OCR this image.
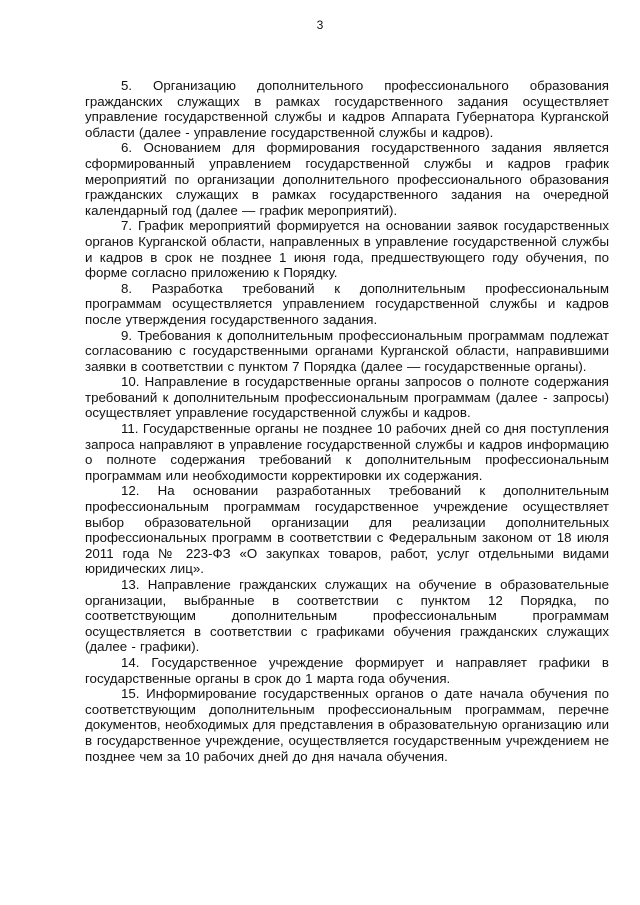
3

5. Организацию дополнительного профессионального образования гражданских служащих в рамках государственного задания осуществляет управление государственной службы и кадров Аппарата Губернатора Курганской области (далее - управление государственной службы и кадров).

6. Основанием для формирования государственного задания является сформированный управлением государственной службы и кадров график мероприятий по организации дополнительного профессионального образования гражданских служащих в рамках государственного задания на очередной календарный год (далее — график мероприятий).

7. График мероприятий формируется на основании заявок государственных органов Курганской области, направленных в управление государственной службы и кадров в срок не позднее 1 июня года, предшествующего году обучения, по форме согласно приложению к Порядку.

8. Разработка требований к дополнительным профессиональным программам осуществляется управлением государственной службы и кадров после утверждения государственного задания.

9. Требования к дополнительным профессиональным программам подлежат согласованию с государственными органами Курганской области, направившими заявки в соответствии с пунктом 7 Порядка (далее — государственные органы).

10. Направление в государственные органы запросов о полноте содержания требований к дополнительным профессиональным программам (далее - запросы) осуществляет управление государственной службы и кадров.

11. Государственные органы не позднее 10 рабочих дней со дня поступления запроса направляют в управление государственной службы и кадров информацию о полноте содержания требований к дополнительным профессиональным программам или необходимости корректировки их содержания.

12. На основании разработанных требований к дополнительным профессиональным программам государственное учреждение осуществляет выбор образовательной организации для реализации дополнительных профессиональных программ в соответствии с Федеральным законом от 18 июля 2011 года № 223-ФЗ «О закупках товаров, работ, услуг отдельными видами юридических лиц».

13. Направление гражданских служащих на обучение в образовательные организации, выбранные в соответствии с пунктом 12 Порядка, по соответствующим дополнительным профессиональным программам осуществляется в соответствии с графиками обучения гражданских служащих (далее - графики).

14. Государственное учреждение формирует и направляет графики в государственные органы в срок до 1 марта года обучения.

15. Информирование государственных органов о дате начала обучения по соответствующим дополнительным профессиональным программам, перечне документов, необходимых для представления в образовательную организацию или в государственное учреждение, осуществляется государственным учреждением не позднее чем за 10 рабочих дней до дня начала обучения.
